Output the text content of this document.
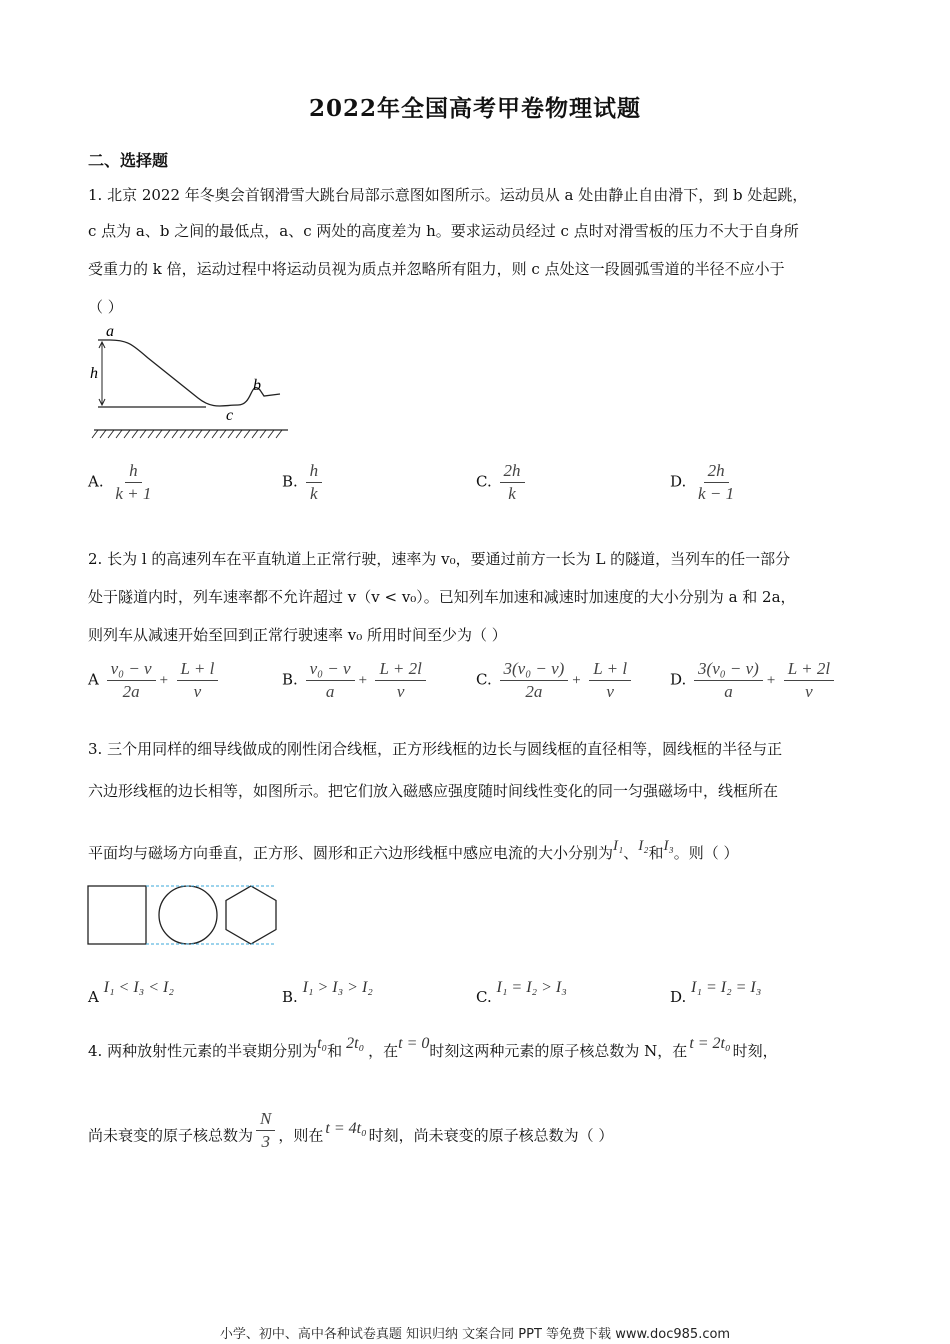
2022年全国高考甲卷物理试题
二、选择题
1. 北京 2022 年冬奥会首钢滑雪大跳台局部示意图如图所示。运动员从 a 处由静止自由滑下，到 b 处起跳，
c 点为 a、b 之间的最低点，a、c 两处的高度差为 h。要求运动员经过 c 点时对滑雪板的压力不大于自身所
受重力的 k 倍，运动过程中将运动员视为质点并忽略所有阻力，则 c 点处这一段圆弧雪道的半径不应小于
（ ）
a
h
b
c
A. $\frac{h}{k + 1}$	B. $\frac{h}{k}$	C. $\frac{2h}{k}$	D. $\frac{2h}{k - 1}$
2. 长为 l 的高速列车在平直轨道上正常行驶，速率为 v₀，要通过前方一长为 L 的隧道，当列车的任一部分
处于隧道内时，列车速率都不允许超过 v（v < v₀）。已知列车加速和减速时加速度的大小分别为 a 和 2a，
则列车从减速开始至回到正常行驶速率 v₀ 所用时间至少为（ ）
A $\frac{\text{v₀ − v}}{2a} + \frac{L + l}{v}$	B. $\frac{\text{v₀ − v}}{a} + \frac{L + 2l}{v}$	C. $\frac{\text{3(v₀ − v)}}{2a} + \frac{L + l}{v}$	D. $\frac{\text{3(v₀ − v)}}{a} + \frac{L + 2l}{v}$
3. 三个用同样的细导线做成的刚性闭合线框，正方形线框的边长与圆线框的直径相等，圆线框的半径与正
六边形线框的边长相等，如图所示。把它们放入磁感应强度随时间线性变化的同一匀强磁场中，线框所在
平面均与磁场方向垂直，正方形、圆形和正六边形线框中感应电流的大小分别为I₁、I₂和I₃。则（ ）
A I₁ < I₃ < I₂
B. I₁ > I₃ > I₂
C. I₁ = I₂ > I₃
D. I₁ = I₂ = I₃
4. 两种放射性元素的半衰期分别为t₀和 2t₀ ，在t = 0时刻这两种元素的原子核总数为 N，在 t = 2t₀ 时刻，
尚未衰变的原子核总数为 $\frac{N}{3}$ ，则在 t = 4t₀ 时刻，尚未衰变的原子核总数为（ ）
小学、初中、高中各种试卷真题 知识归纳 文案合同 PPT 等免费下载 www.doc985.com
